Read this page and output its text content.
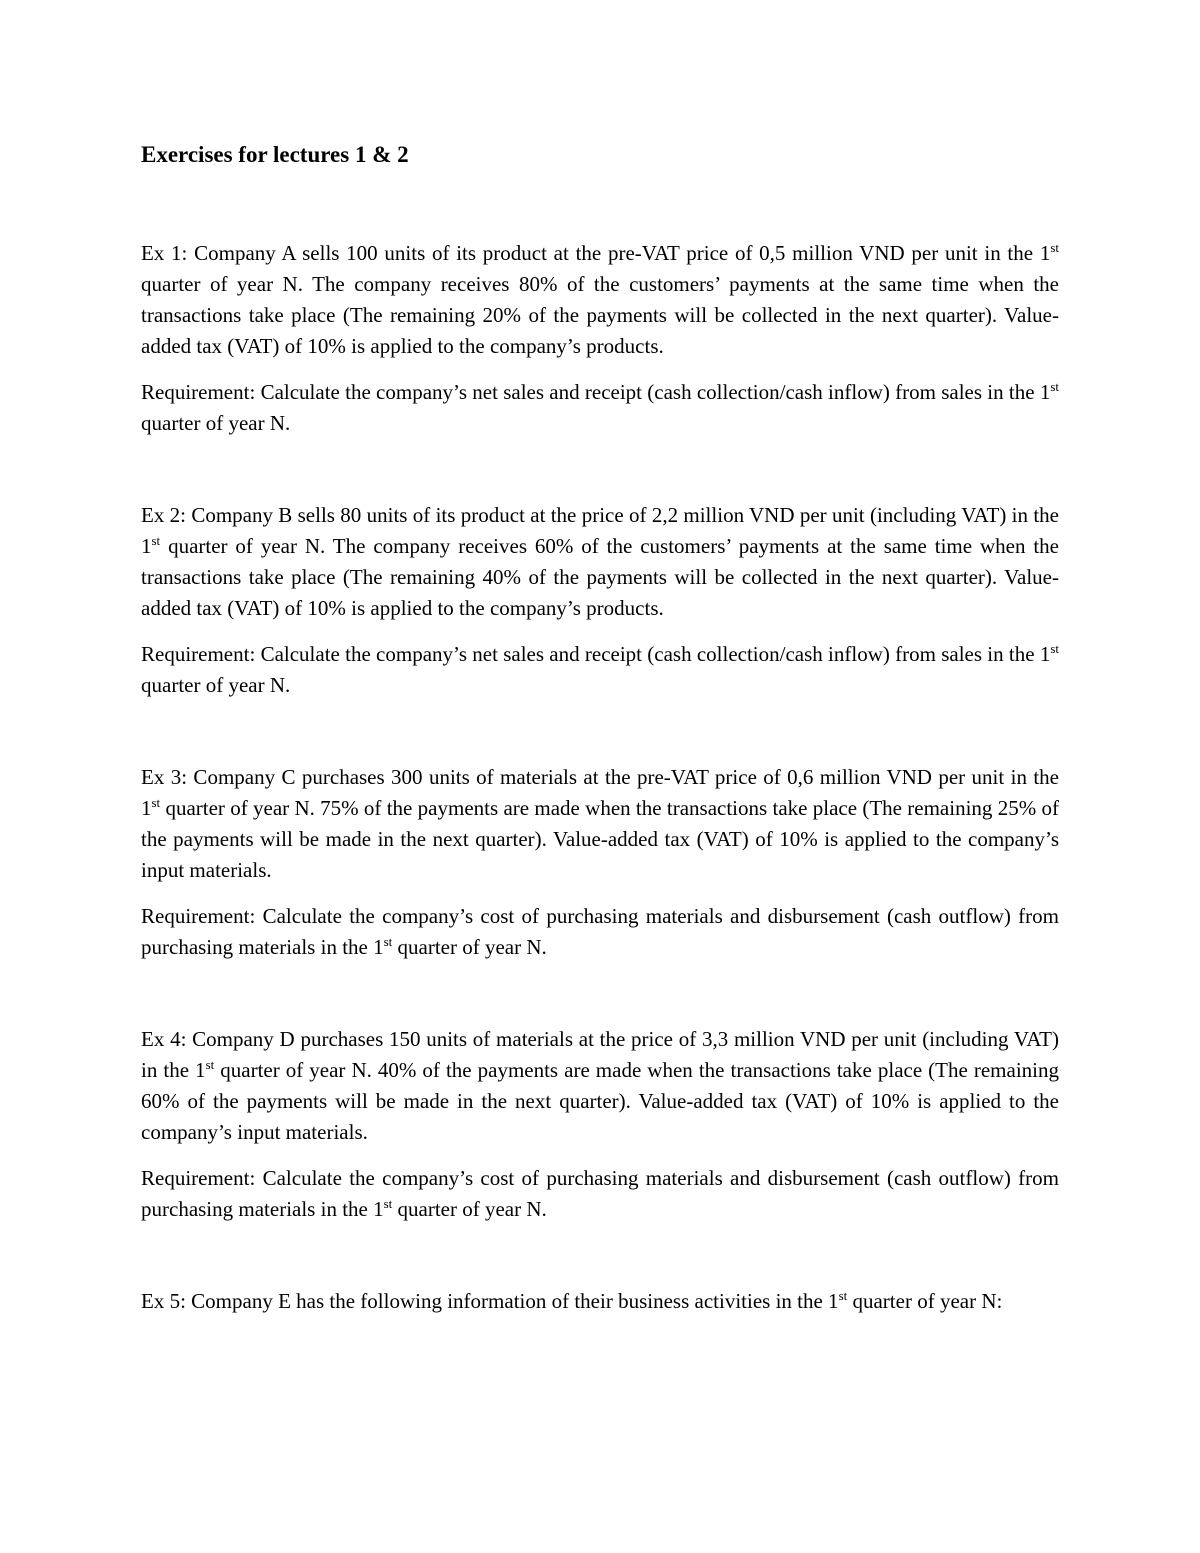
Exercises for lectures 1 & 2

Ex 1: Company A sells 100 units of its product at the pre-VAT price of 0,5 million VND per unit in the 1st quarter of year N. The company receives 80% of the customers’ payments at the same time when the transactions take place (The remaining 20% of the payments will be collected in the next quarter). Value-added tax (VAT) of 10% is applied to the company’s products.

Requirement: Calculate the company’s net sales and receipt (cash collection/cash inflow) from sales in the 1st quarter of year N.

Ex 2: Company B sells 80 units of its product at the price of 2,2 million VND per unit (including VAT) in the 1st quarter of year N. The company receives 60% of the customers’ payments at the same time when the transactions take place (The remaining 40% of the payments will be collected in the next quarter). Value-added tax (VAT) of 10% is applied to the company’s products.

Requirement: Calculate the company’s net sales and receipt (cash collection/cash inflow) from sales in the 1st quarter of year N.

Ex 3: Company C purchases 300 units of materials at the pre-VAT price of 0,6 million VND per unit in the 1st quarter of year N. 75% of the payments are made when the transactions take place (The remaining 25% of the payments will be made in the next quarter). Value-added tax (VAT) of 10% is applied to the company’s input materials.

Requirement: Calculate the company’s cost of purchasing materials and disbursement (cash outflow) from purchasing materials in the 1st quarter of year N.

Ex 4: Company D purchases 150 units of materials at the price of 3,3 million VND per unit (including VAT) in the 1st quarter of year N. 40% of the payments are made when the transactions take place (The remaining 60% of the payments will be made in the next quarter). Value-added tax (VAT) of 10% is applied to the company’s input materials.

Requirement: Calculate the company’s cost of purchasing materials and disbursement (cash outflow) from purchasing materials in the 1st quarter of year N.

Ex 5: Company E has the following information of their business activities in the 1st quarter of year N:
